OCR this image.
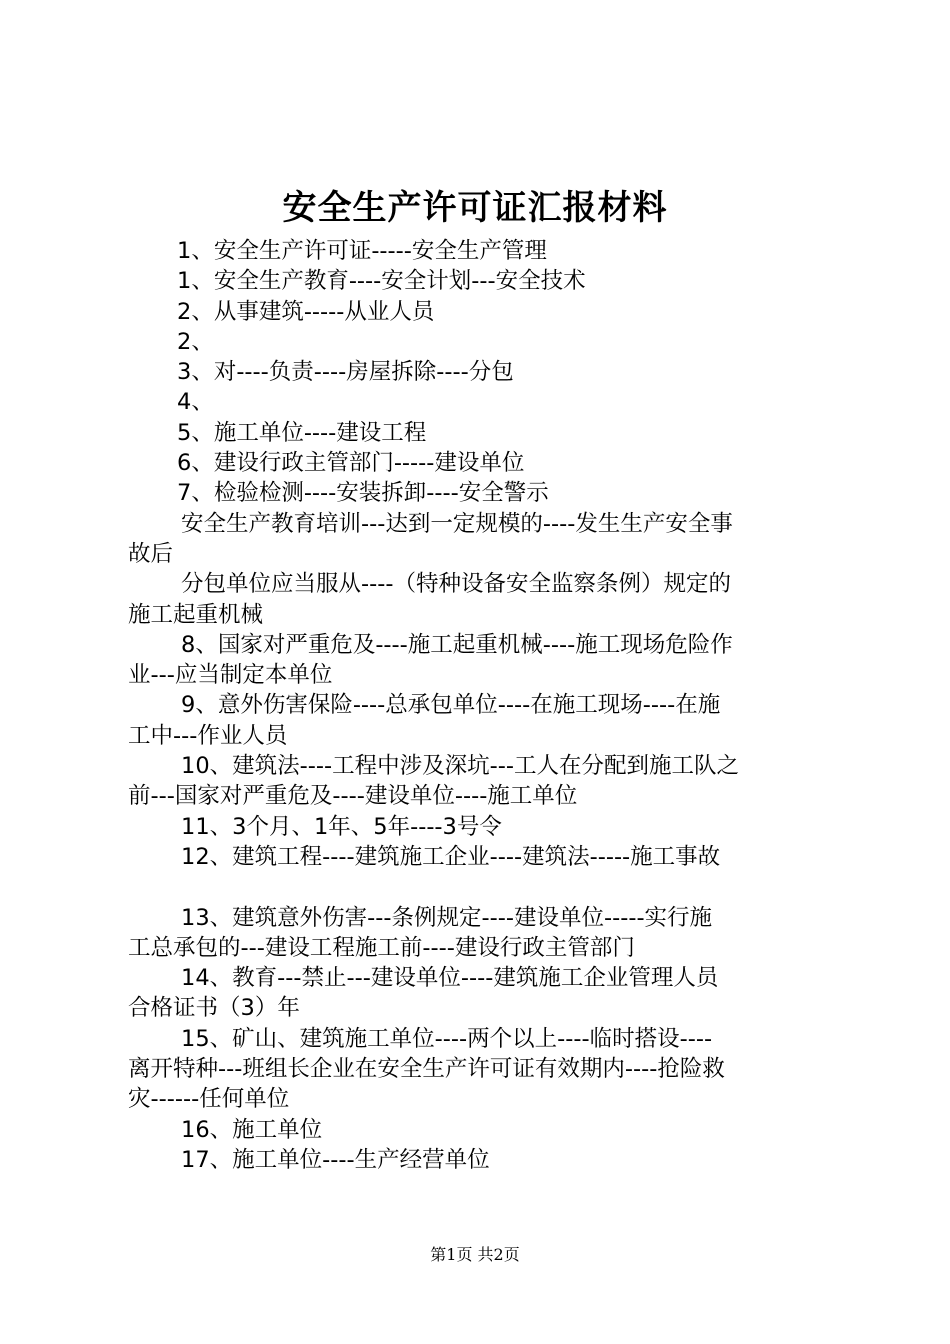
安全生产许可证汇报材料
1、安全生产许可证-----安全生产管理
1、安全生产教育----安全计划---安全技术
2、从事建筑-----从业人员
2、
3、对----负责----房屋拆除----分包
4、
5、施工单位----建设工程
6、建设行政主管部门-----建设单位
7、检验检测----安装拆卸----安全警示
安全生产教育培训---达到一定规模的----发生生产安全事
故后
分包单位应当服从----（特种设备安全监察条例）规定的
施工起重机械
8、国家对严重危及----施工起重机械----施工现场危险作
业---应当制定本单位
9、意外伤害保险----总承包单位----在施工现场----在施
工中---作业人员
10、建筑法----工程中涉及深坑---工人在分配到施工队之
前---国家对严重危及----建设单位----施工单位
11、3个月、1年、5年----3号令
12、建筑工程----建筑施工企业----建筑法-----施工事故
13、建筑意外伤害---条例规定----建设单位-----实行施
工总承包的---建设工程施工前----建设行政主管部门
14、教育---禁止---建设单位----建筑施工企业管理人员
合格证书（3）年
15、矿山、建筑施工单位----两个以上----临时搭设----
离开特种---班组长企业在安全生产许可证有效期内----抢险救
灾------任何单位
16、施工单位
17、施工单位----生产经营单位
第1页 共2页
